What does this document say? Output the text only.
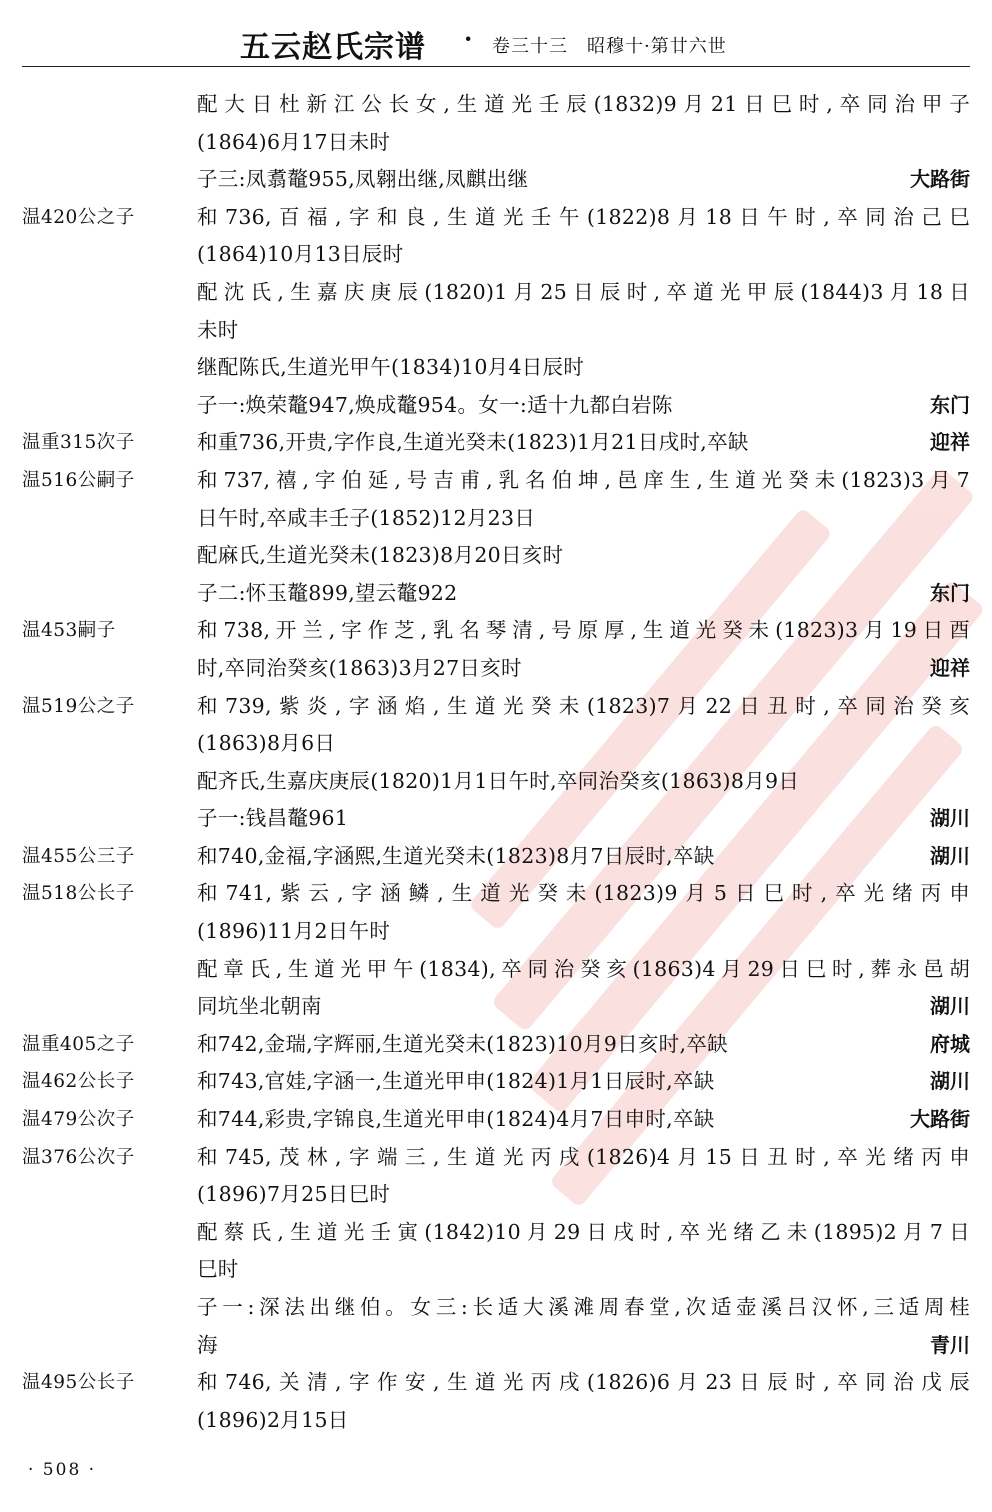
五云赵氏宗谱 · 卷三十三　昭穆十·第廿六世
配大日杜新江公长女,生道光壬辰(1832)9月21日巳时,卒同治甲子
(1864)6月17日未时
子三:凤翥鼇955,凤翱出继,凤麒出继	大路街
温420公之子	和736,百福,字和良,生道光壬午(1822)8月18日午时,卒同治己巳
(1864)10月13日辰时
配沈氏,生嘉庆庚辰(1820)1月25日辰时,卒道光甲辰(1844)3月18日
未时
继配陈氏,生道光甲午(1834)10月4日辰时
子一:焕荣鼇947,焕成鼇954。女一:适十九都白岩陈	东门
温重315次子	和重736,开贵,字作良,生道光癸未(1823)1月21日戌时,卒缺	迎祥
温516公嗣子	和737,禧,字伯延,号吉甫,乳名伯坤,邑庠生,生道光癸未(1823)3月7
日午时,卒咸丰壬子(1852)12月23日
配麻氏,生道光癸未(1823)8月20日亥时
子二:怀玉鼇899,望云鼇922	东门
温453嗣子	和738,开兰,字作芝,乳名琴清,号原厚,生道光癸未(1823)3月19日酉
时,卒同治癸亥(1863)3月27日亥时	迎祥
温519公之子	和739,紫炎,字涵焰,生道光癸未(1823)7月22日丑时,卒同治癸亥
(1863)8月6日
配齐氏,生嘉庆庚辰(1820)1月1日午时,卒同治癸亥(1863)8月9日
子一:钱昌鼇961	湖川
温455公三子	和740,金福,字涵熙,生道光癸未(1823)8月7日辰时,卒缺	湖川
温518公长子	和741,紫云,字涵鳞,生道光癸未(1823)9月5日巳时,卒光绪丙申
(1896)11月2日午时
配章氏,生道光甲午(1834),卒同治癸亥(1863)4月29日巳时,葬永邑胡
同坑坐北朝南	湖川
温重405之子	和742,金瑞,字辉丽,生道光癸未(1823)10月9日亥时,卒缺	府城
温462公长子	和743,官娃,字涵一,生道光甲申(1824)1月1日辰时,卒缺	湖川
温479公次子	和744,彩贵,字锦良,生道光甲申(1824)4月7日申时,卒缺	大路街
温376公次子	和745,茂林,字端三,生道光丙戌(1826)4月15日丑时,卒光绪丙申
(1896)7月25日巳时
配蔡氏,生道光壬寅(1842)10月29日戌时,卒光绪乙未(1895)2月7日
巳时
子一:深法出继伯。女三:长适大溪滩周春堂,次适壶溪吕汉怀,三适周桂
海	青川
温495公长子	和746,关清,字作安,生道光丙戌(1826)6月23日辰时,卒同治戊辰
(1896)2月15日
· 508 ·
